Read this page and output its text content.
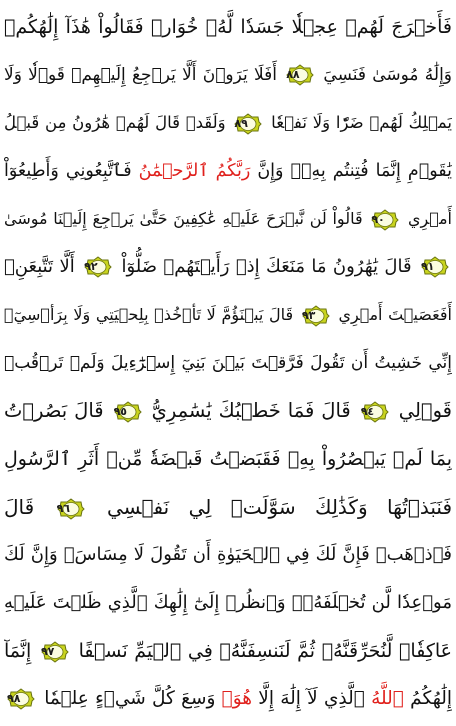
فَأَخۡرَجَ لَهُمۡ عِجۡلٗا جَسَدٗا لَّهُۥ خُوَارٞ فَقَالُواْ هَٰذَآ إِلَٰهُكُمۡ
وَإِلَٰهُ مُوسَىٰ فَنَسِيَ
٨٨
أَفَلَا يَرَوۡنَ أَلَّا يَرۡجِعُ إِلَيۡهِمۡ قَوۡلٗا وَلَا
يَمۡلِكُ لَهُمۡ ضَرّٗا وَلَا نَفۡعٗا
٨٩
وَلَقَدۡ قَالَ لَهُمۡ هَٰرُونُ مِن قَبۡلُ
يَٰقَوۡمِ إِنَّمَا فُتِنتُم بِهِۦۖ وَإِنَّ رَبَّكُمُ ٱلرَّحۡمَٰنُ فَٱتَّبِعُونِي وَأَطِيعُوٓاْ
أَمۡرِي
٩٠
قَالُواْ لَن نَّبۡرَحَ عَلَيۡهِ عَٰكِفِينَ حَتَّىٰ يَرۡجِعَ إِلَيۡنَا مُوسَىٰ
٩١
قَالَ يَٰهَٰرُونُ مَا مَنَعَكَ إِذۡ رَأَيۡتَهُمۡ ضَلُّوٓاْ
٩٢
أَلَّا تَتَّبِعَنِۖ
أَفَعَصَيۡتَ أَمۡرِي
٩٣
قَالَ يَبۡنَؤُمَّ لَا تَأۡخُذۡ بِلِحۡيَتِي وَلَا بِرَأۡسِيٓۖ
إِنِّي خَشِيتُ أَن تَقُولَ فَرَّقۡتَ بَيۡنَ بَنِيٓ إِسۡرَٰٓءِيلَ وَلَمۡ تَرۡقُبۡ
قَوۡلِي
٩٤
قَالَ فَمَا خَطۡبُكَ يَٰسَٰمِرِيُّ
٩٥
قَالَ بَصُرۡتُ
بِمَا لَمۡ يَبۡصُرُواْ بِهِۦ فَقَبَضۡتُ قَبۡضَةٗ مِّنۡ أَثَرِ ٱلرَّسُولِ
فَنَبَذۡتُهَا وَكَذَٰلِكَ سَوَّلَتۡ لِي نَفۡسِي
٩٦
قَالَ
فَٱذۡهَبۡ فَإِنَّ لَكَ فِي ٱلۡحَيَوٰةِ أَن تَقُولَ لَا مِسَاسَۖ وَإِنَّ لَكَ
مَوۡعِدٗا لَّن تُخۡلَفَهُۥۖ وَٱنظُرۡ إِلَىٰٓ إِلَٰهِكَ ٱلَّذِي ظَلۡتَ عَلَيۡهِ
عَاكِفٗاۖ لَّنُحَرِّقَنَّهُۥ ثُمَّ لَنَنسِفَنَّهُۥ فِي ٱلۡيَمِّ نَسۡفًا
٩٧
إِنَّمَآ
إِلَٰهُكُمُ ٱللَّهُ ٱلَّذِي لَآ إِلَٰهَ إِلَّا هُوَۚ وَسِعَ كُلَّ شَيۡءٍ عِلۡمٗا
٩٨
